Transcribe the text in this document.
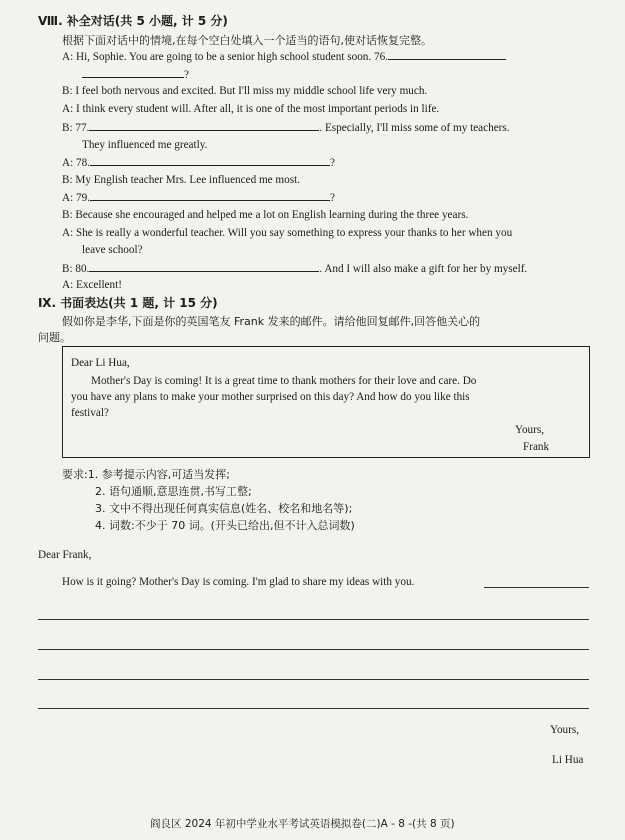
Ⅷ. 补全对话(共 5 小题, 计 5 分)
根据下面对话中的情境,在每个空白处填入一个适当的语句,使对话恢复完整。
A: Hi, Sophie. You are going to be a senior high school student soon. 76.
?
B: I feel both nervous and excited. But I'll miss my middle school life very much.
A: I think every student will. After all, it is one of the most important periods in life.
B: 77.	. Especially, I'll miss some of my teachers.
They influenced me greatly.
A: 78.	?
B: My English teacher Mrs. Lee influenced me most.
A: 79.	?
B: Because she encouraged and helped me a lot on English learning during the three years.
A: She is really a wonderful teacher. Will you say something to express your thanks to her when you
leave school?
B: 80.	. And I will also make a gift for her by myself.
A: Excellent!
Ⅸ. 书面表达(共 1 题, 计 15 分)
假如你是李华,下面是你的英国笔友 Frank 发来的邮件。请给他回复邮件,回答他关心的
问题。
Dear Li Hua,
Mother's Day is coming! It is a great time to thank mothers for their love and care. Do
you have any plans to make your mother surprised on this day? And how do you like this
festival?
Yours,
Frank
要求:1. 参考提示内容,可适当发挥;
2. 语句通顺,意思连贯,书写工整;
3. 文中不得出现任何真实信息(姓名、校名和地名等);
4. 词数:不少于 70 词。(开头已给出,但不计入总词数)
Dear Frank,
How is it going? Mother's Day is coming. I'm glad to share my ideas with you.
Yours,
Li Hua
阎良区 2024 年初中学业水平考试英语模拟卷(二)A - 8 -(共 8 页)
